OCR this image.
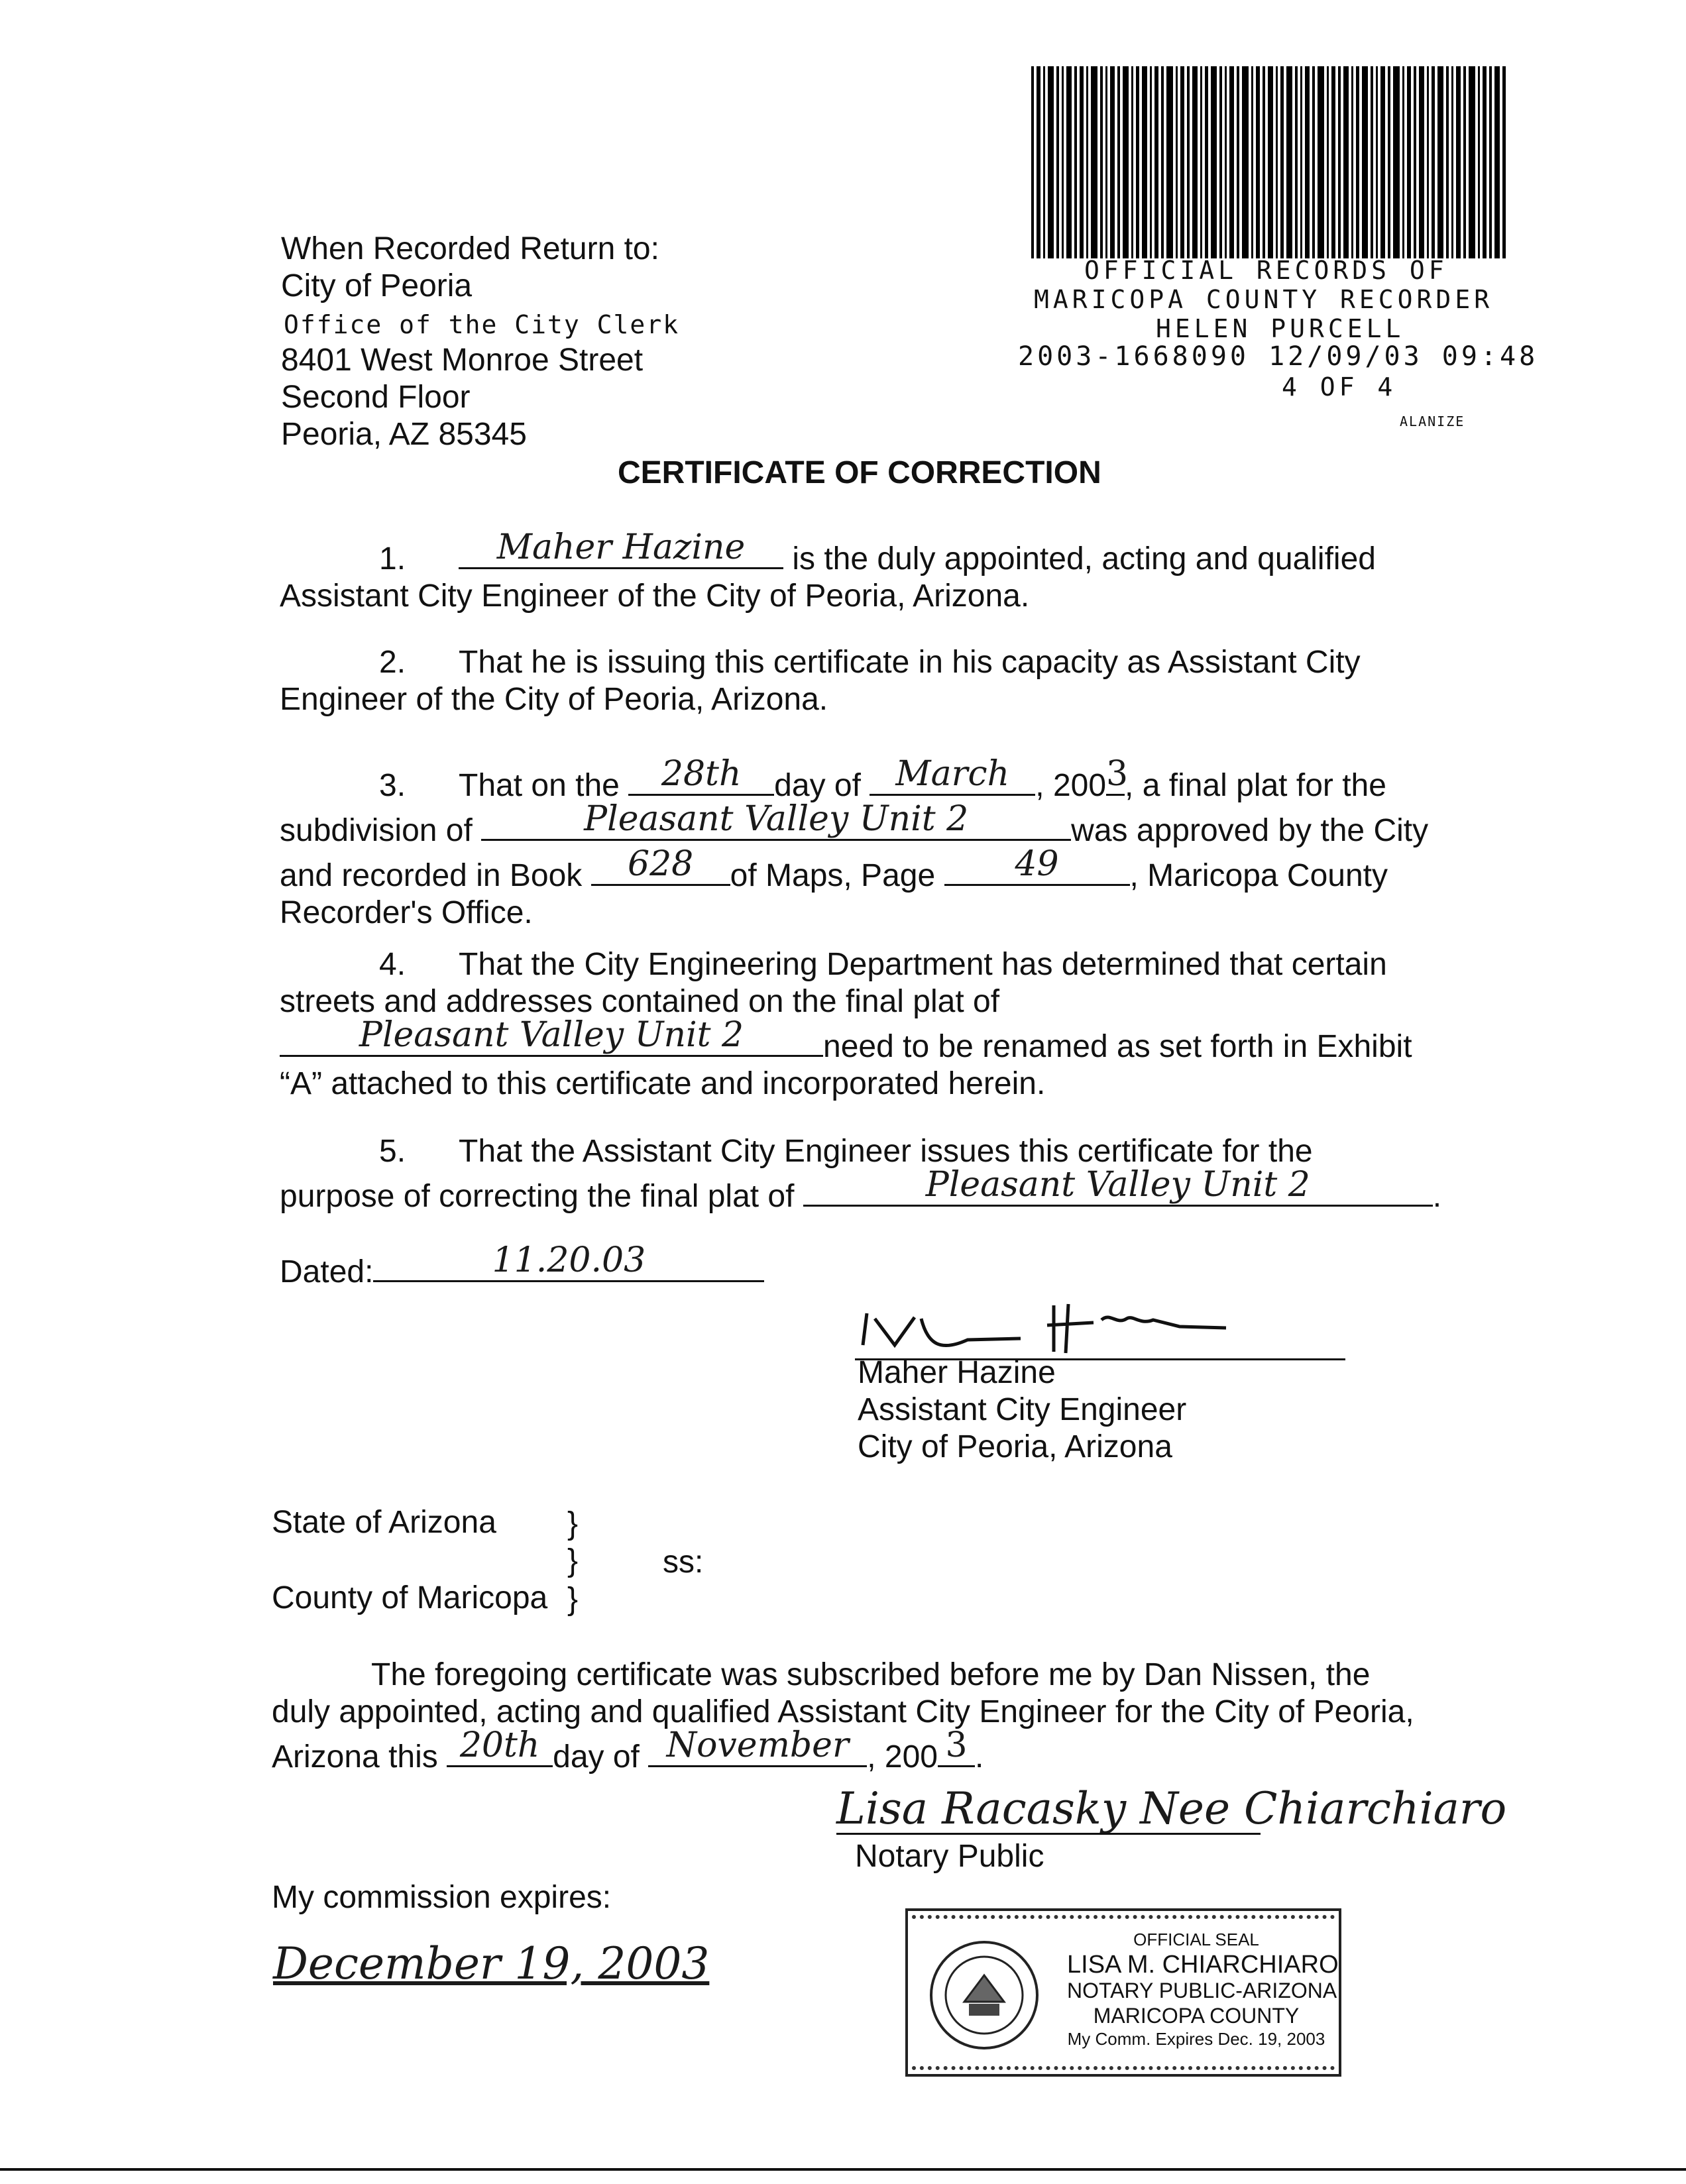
When Recorded Return to:
City of Peoria
Office of the City Clerk
8401 West Monroe Street
Second Floor
Peoria, AZ 85345
OFFICIAL RECORDS OF
MARICOPA COUNTY RECORDER
HELEN PURCELL
2003-1668090 12/09/03 09:48
4 OF 4
ALANIZE
CERTIFICATE OF CORRECTION
1.	Maher Hazine	is the duly appointed, acting and qualified
Assistant City Engineer of the City of Peoria, Arizona.
2. That he is issuing this certificate in his capacity as Assistant City
Engineer of the City of Peoria, Arizona.
3. That on the 28th	day of March , 200 3
, a final plat for the
subdivision of	Pleasant Valley Unit 2	was approved by the City
and recorded in Book	628	of Maps, Page	49	, Maricopa County
Recorder's Office.
4. That the City Engineering Department has determined that certain
streets and addresses contained on the final plat of

Pleasant Valley Unit 2	need to be renamed as set forth in Exhibit
“A” attached to this certificate and incorporated herein.
5. That the Assistant City Engineer issues this certificate for the
purpose of correcting the final plat of	Pleasant Valley Unit 2	.
Dated:	11.20.03
Maher Hazine
Assistant City Engineer
City of Peoria, Arizona
State of Arizona }
}	ss:
County of Maricopa }
The foregoing certificate was subscribed before me by Dan Nissen, the
duly appointed, acting and qualified Assistant City Engineer for the City of Peoria,
Arizona this 20th day of November , 200 3 .
Lisa Racasky Nee Chiarchiaro
Notary Public
My commission expires:
December 19, 2003	OFFICIAL SEAL
LISA M. CHIARCHIARO
NOTARY PUBLIC-ARIZONA
MARICOPA COUNTY
My Comm. Expires Dec. 19, 2003
